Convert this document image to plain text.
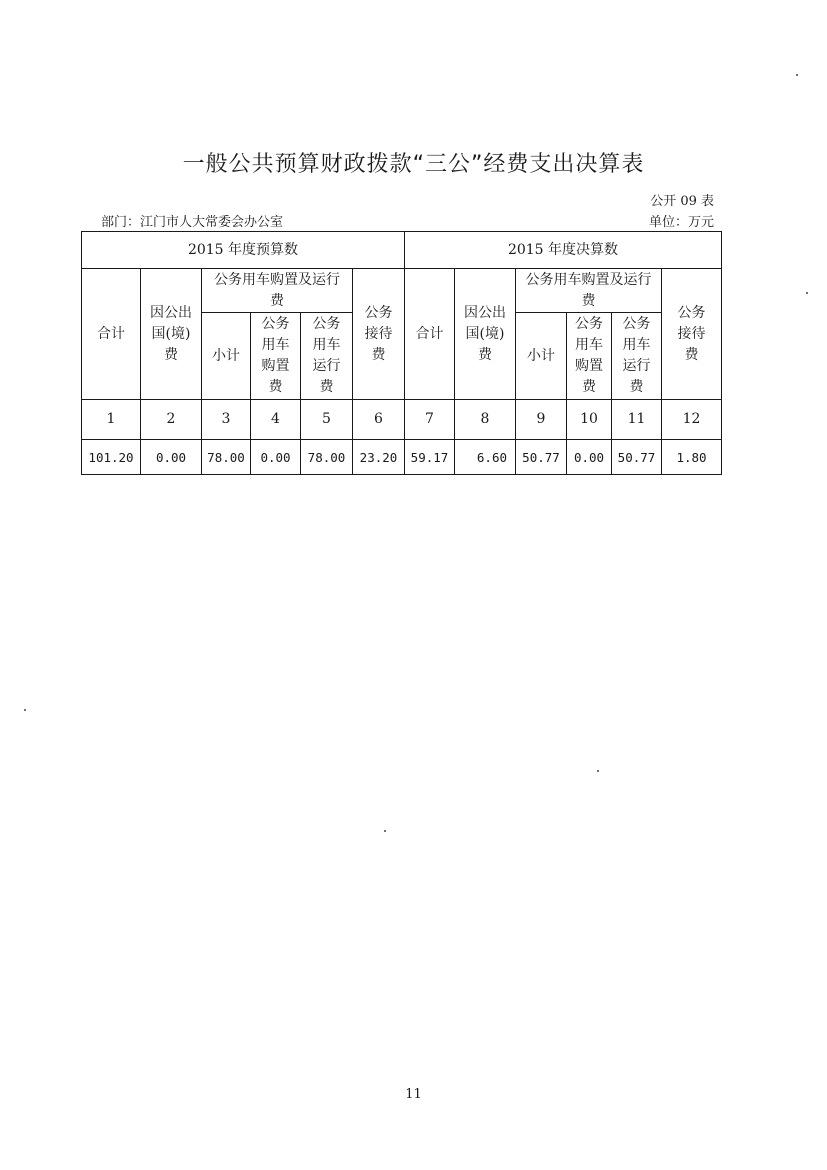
一般公共预算财政拨款“三公”经费支出决算表
公开 09 表
部门：江门市人大常委会办公室	单位：万元
2015 年度预算数						2015 年度决算数					
合计	因公出国(境)费	公务用车购置及运行费			公务接待费	合计	因公出国(境)费	公务用车购置及运行费			公务接待费

		小计	公务用车购置费	公务用车运行费				小计	公务用车购置费	公务用车运行费	

1	2	3	4	5	6	7	8	9	10	11	12
101.20	0.00	78.00	0.00	78.00	23.20	59.17	6.60	50.77	0.00	50.77	1.80
11
